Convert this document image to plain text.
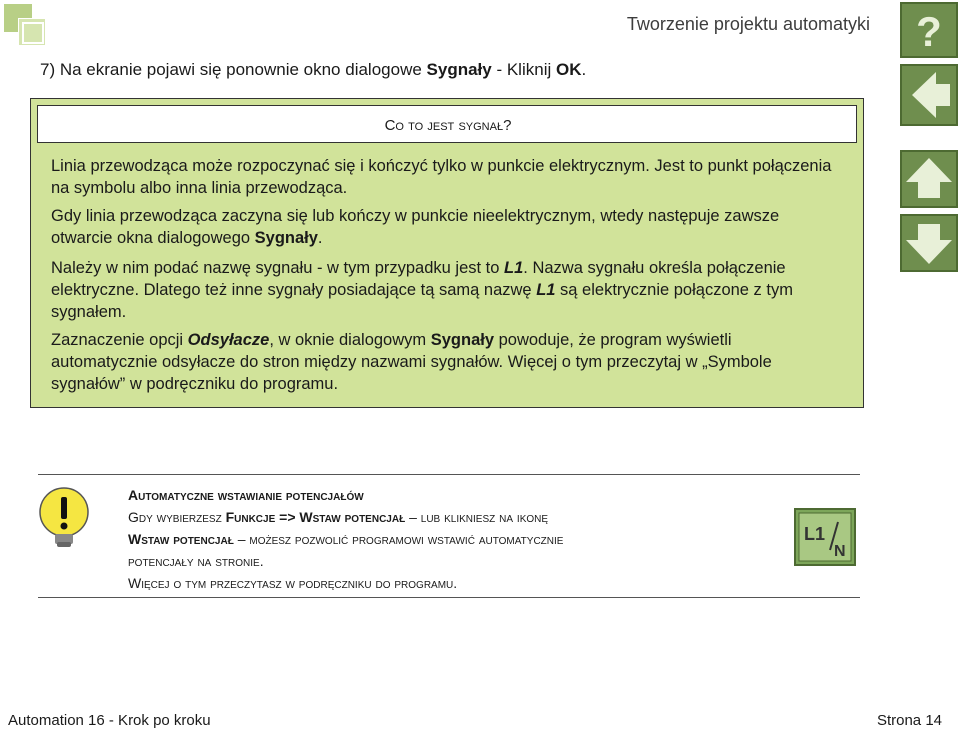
Tworzenie projektu automatyki ?
7) Na ekranie pojawi się ponownie okno dialogowe Sygnały - Kliknij OK.
Co to jest sygnał?
Linia przewodząca może rozpoczynać się i kończyć tylko w punkcie elektrycznym. Jest to punkt połączenia na symbolu albo inna linia przewodząca.
Gdy linia przewodząca zaczyna się lub kończy w punkcie nieelektrycznym, wtedy następuje zawsze otwarcie okna dialogowego Sygnały.
Należy w nim podać nazwę sygnału - w tym przypadku jest to L1. Nazwa sygnału określa połączenie elektryczne. Dlatego też inne sygnały posiadające tą samą nazwę L1 są elektrycznie połączone z tym sygnałem.
Zaznaczenie opcji Odsyłacze, w oknie dialogowym Sygnały powoduje, że program wyświetli automatycznie odsyłacze do stron między nazwami sygnałów. Więcej o tym przeczytaj w „Symbole sygnałów” w podręczniku do programu.
Automatyczne wstawianie potencjałów
Gdy wybierzesz Funkcje => Wstaw potencjał – lub klikniesz na ikonę
Wstaw potencjał – możesz pozwolić programowi wstawić automatycznie
potencjały na stronie.
Więcej o tym przeczytasz w podręczniku do programu.
L1
N
Automation 16 - Krok po kroku	Strona 14
